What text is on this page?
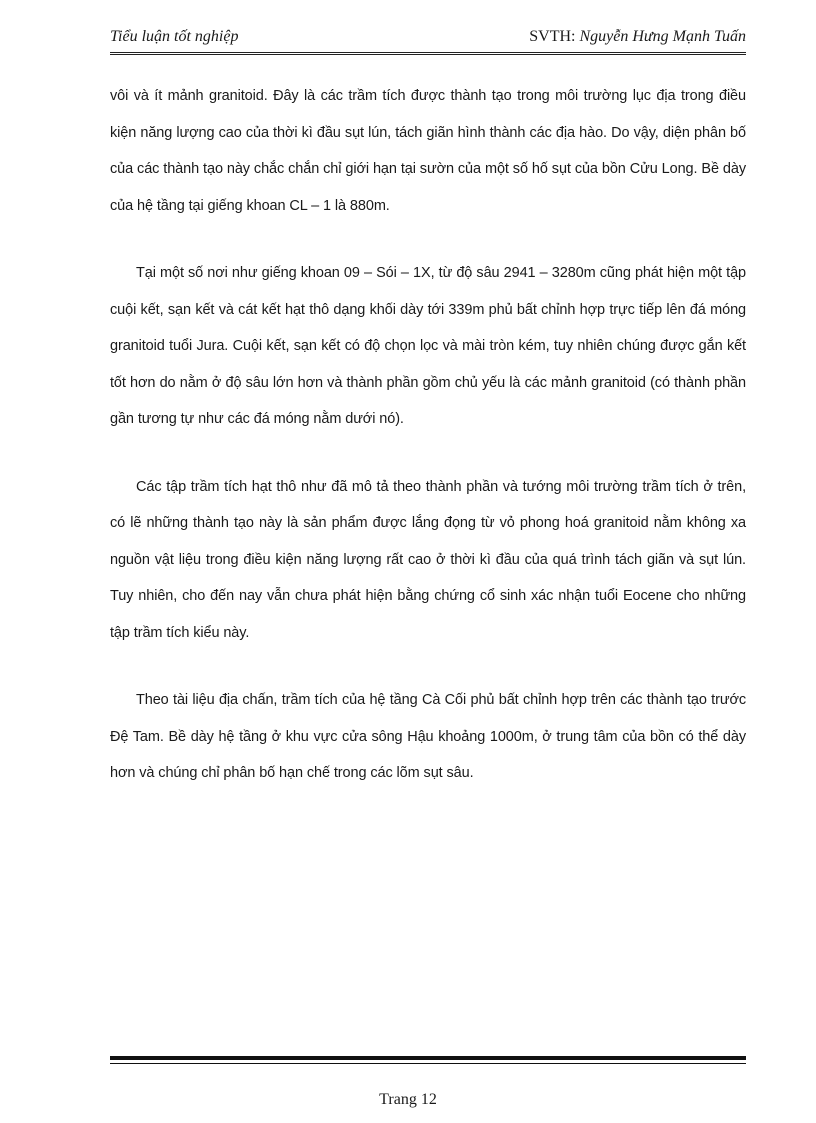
Tiểu luận tốt nghiệp	SVTH: Nguyễn Hưng Mạnh Tuấn

vôi và ít mảnh granitoid. Đây là các trầm tích được thành tạo trong môi trường lục địa trong điều kiện năng lượng cao của thời kì đầu sụt lún, tách giãn hình thành các địa hào. Do vậy, diện phân bố của các thành tạo này chắc chắn chỉ giới hạn tại sườn của một số hố sụt của bồn Cửu Long. Bề dày của hệ tầng tại giếng khoan CL – 1 là 880m.

Tại một số nơi như giếng khoan 09 – Sói – 1X, từ độ sâu 2941 – 3280m cũng phát hiện một tập cuội kết, sạn kết và cát kết hạt thô dạng khối dày tới 339m phủ bất chỉnh hợp trực tiếp lên đá móng granitoid tuổi Jura. Cuội kết, sạn kết có độ chọn lọc và mài tròn kém, tuy nhiên chúng được gắn kết tốt hơn do nằm ở độ sâu lớn hơn và thành phần gồm chủ yếu là các mảnh granitoid (có thành phần gần tương tự như các đá móng nằm dưới nó).

Các tập trầm tích hạt thô như đã mô tả theo thành phần và tướng môi trường trầm tích ở trên, có lẽ những thành tạo này là sản phẩm được lắng đọng từ vỏ phong hoá granitoid nằm không xa nguồn vật liệu trong điều kiện năng lượng rất cao ở thời kì đầu của quá trình tách giãn và sụt lún. Tuy nhiên, cho đến nay vẫn chưa phát hiện bằng chứng cổ sinh xác nhận tuổi Eocene cho những tập trầm tích kiểu này.

Theo tài liệu địa chấn, trầm tích của hệ tầng Cà Cối phủ bất chỉnh hợp trên các thành tạo trước Đệ Tam. Bề dày hệ tầng ở khu vực cửa sông Hậu khoảng 1000m, ở trung tâm của bồn có thể dày hơn và chúng chỉ phân bố hạn chế trong các lõm sụt sâu.

Trang 12
